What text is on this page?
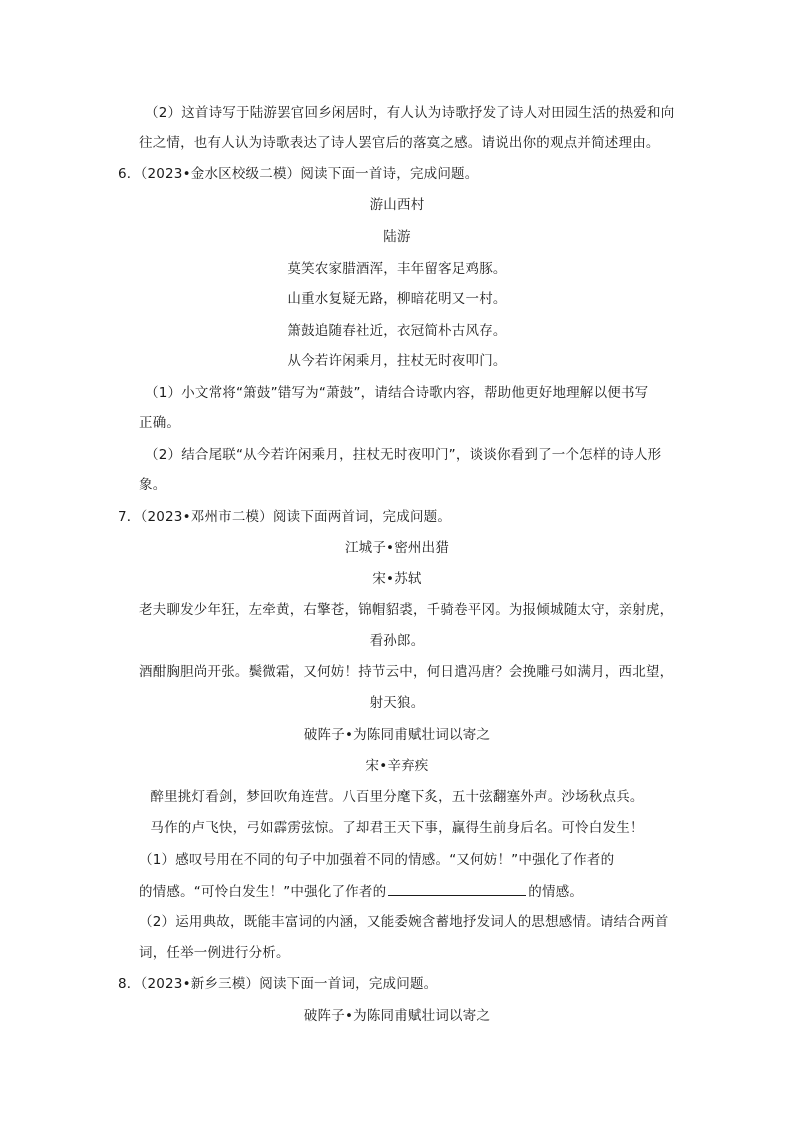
（2）这首诗写于陆游罢官回乡闲居时，有人认为诗歌抒发了诗人对田园生活的热爱和向
往之情，也有人认为诗歌表达了诗人罢官后的落寞之感。请说出你的观点并简述理由。
6．（2023•金水区校级二模）阅读下面一首诗，完成问题。
游山西村
陆游
莫笑农家腊酒浑，丰年留客足鸡豚。
山重水复疑无路，柳暗花明又一村。
箫鼓追随春社近，衣冠简朴古风存。
从今若许闲乘月，拄杖无时夜叩门。
（1）小文常将“箫鼓”错写为“萧鼓”，请结合诗歌内容，帮助他更好地理解以便书写
正确。
（2）结合尾联“从今若许闲乘月，拄杖无时夜叩门”，谈谈你看到了一个怎样的诗人形
象。
7．（2023•邓州市二模）阅读下面两首词，完成问题。
江城子•密州出猎
宋•苏轼
老夫聊发少年狂，左牵黄，右擎苍，锦帽貂裘，千骑卷平冈。为报倾城随太守，亲射虎，
看孙郎。
酒酣胸胆尚开张。鬓微霜，又何妨！持节云中，何日遣冯唐？会挽雕弓如满月，西北望，
射天狼。
破阵子•为陈同甫赋壮词以寄之
宋•辛弃疾
醉里挑灯看剑，梦回吹角连营。八百里分麾下炙，五十弦翻塞外声。沙场秋点兵。
马作的卢飞快，弓如霹雳弦惊。了却君王天下事，赢得生前身后名。可怜白发生！
（1）感叹号用在不同的句子中加强着不同的情感。“又何妨！”中强化了作者的
的情感。“可怜白发生！”中强化了作者的	的情感。
（2）运用典故，既能丰富词的内涵，又能委婉含蓄地抒发词人的思想感情。请结合两首
词，任举一例进行分析。
8．（2023•新乡三模）阅读下面一首词，完成问题。
破阵子•为陈同甫赋壮词以寄之
